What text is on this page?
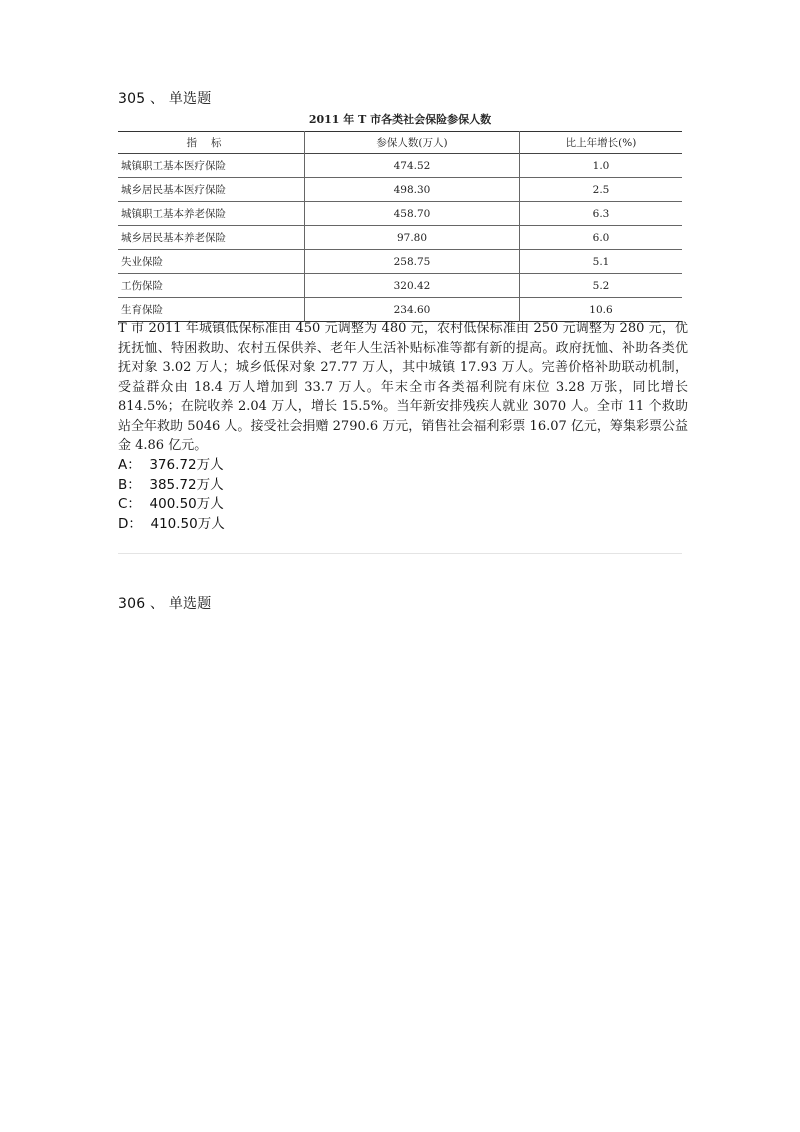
305 、 单选题
2011 年 T 市各类社会保险参保人数
指标	参保人数(万人)	比上年增长(%)
城镇职工基本医疗保险	474.52	1.0
城乡居民基本医疗保险	498.30	2.5
城镇职工基本养老保险	458.70	6.3
城乡居民基本养老保险	97.80	6.0
失业保险	258.75	5.1
工伤保险	320.42	5.2
生育保险	234.60	10.6
T 市 2011 年城镇低保标准由 450 元调整为 480 元，农村低保标准由 250 元调整为 280 元，优抚抚恤、特困救助、农村五保供养、老年人生活补贴标准等都有新的提高。政府抚恤、补助各类优抚对象 3.02 万人；城乡低保对象 27.77 万人，其中城镇 17.93 万人。完善价格补助联动机制，受益群众由 18.4 万人增加到 33.7 万人。年末全市各类福利院有床位 3.28 万张，同比增长 814.5%；在院收养 2.04 万人，增长 15.5%。当年新安排残疾人就业 3070 人。全市 11 个救助站全年救助 5046 人。接受社会捐赠 2790.6 万元，销售社会福利彩票 16.07 亿元，筹集彩票公益金 4.86 亿元。
A： 376.72万人
B： 385.72万人
C： 400.50万人
D： 410.50万人
306 、 单选题
